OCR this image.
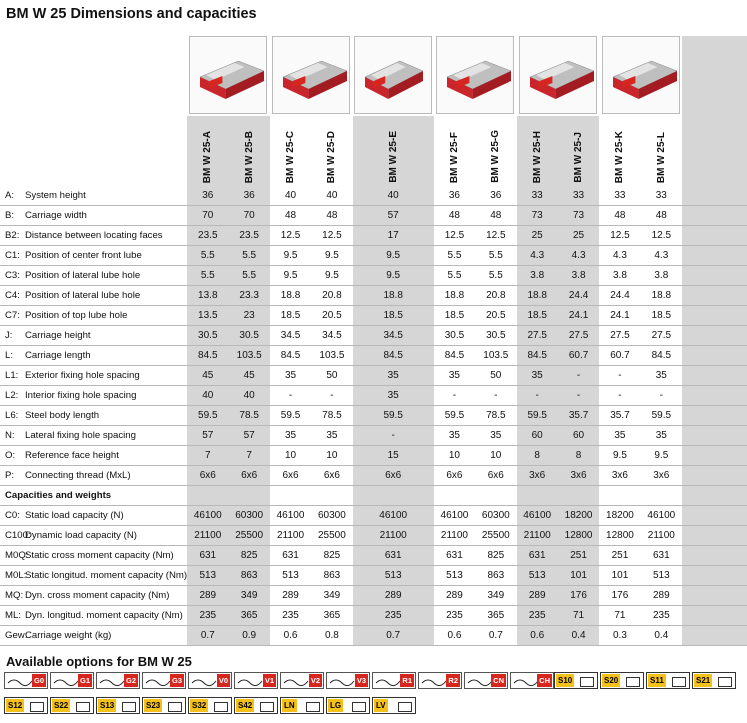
BM W 25 Dimensions and capacities

	BM W 25-A	BM W 25-B	BM W 25-C	BM W 25-D	BM W 25-E	BM W 25-F	BM W 25-G	BM W 25-H	BM W 25-J	BM W 25-K	BM W 25-L	
A: System height	36	36	40	40	40	36	36	33	33	33	33	
B: Carriage width	70	70	48	48	57	48	48	73	73	48	48	
B2: Distance between locating faces	23.5	23.5	12.5	12.5	17	12.5	12.5	25	25	12.5	12.5	
C1: Position of center front lube	5.5	5.5	9.5	9.5	9.5	5.5	5.5	4.3	4.3	4.3	4.3	
C3: Position of lateral lube hole	5.5	5.5	9.5	9.5	9.5	5.5	5.5	3.8	3.8	3.8	3.8	
C4: Position of lateral lube hole	13.8	23.3	18.8	20.8	18.8	18.8	20.8	18.8	24.4	24.4	18.8	
C7: Position of top lube hole	13.5	23	18.5	20.5	18.5	18.5	20.5	18.5	24.1	24.1	18.5	
J: Carriage height	30.5	30.5	34.5	34.5	34.5	30.5	30.5	27.5	27.5	27.5	27.5	
L: Carriage length	84.5	103.5	84.5	103.5	84.5	84.5	103.5	84.5	60.7	60.7	84.5	
L1: Exterior fixing hole spacing	45	45	35	50	35	35	50	35	-	-	35	
L2: Interior fixing hole spacing	40	40	-	-	35	-	-	-	-	-	-	
L6: Steel body length	59.5	78.5	59.5	78.5	59.5	59.5	78.5	59.5	35.7	35.7	59.5	
N: Lateral fixing hole spacing	57	57	35	35	-	35	35	60	60	35	35	
O: Reference face height	7	7	10	10	15	10	10	8	8	9.5	9.5	
P: Connecting thread (MxL)	6x6	6x6	6x6	6x6	6x6	6x6	6x6	3x6	3x6	3x6	3x6	
Capacities and weights												
C0: Static load capacity (N)	46100	60300	46100	60300	46100	46100	60300	46100	18200	18200	46100	
C100:Dynamic load capacity (N)	21100	25500	21100	25500	21100	21100	25500	21100	12800	12800	21100	
M0Q:Static cross moment capacity (Nm)	631	825	631	825	631	631	825	631	251	251	631	
M0L:Static longitud. moment capacity (Nm)	513	863	513	863	513	513	863	513	101	101	513	
MQ: Dyn. cross moment capacity (Nm)	289	349	289	349	289	289	349	289	176	176	289	
ML: Dyn. longitud. moment capacity (Nm)	235	365	235	365	235	235	365	235	71	71	235	
Gew:Carriage weight (kg)	0.7	0.9	0.6	0.8	0.7	0.6	0.7	0.6	0.4	0.3	0.4	
Available options for BM W 25
G0	G1	G2	G3	V0	V1	V2	V3	R1	R2	CN	CH S10	S20	S11	S21
S12	S22	S13	S23	S32	S42	LN	LG	LV
